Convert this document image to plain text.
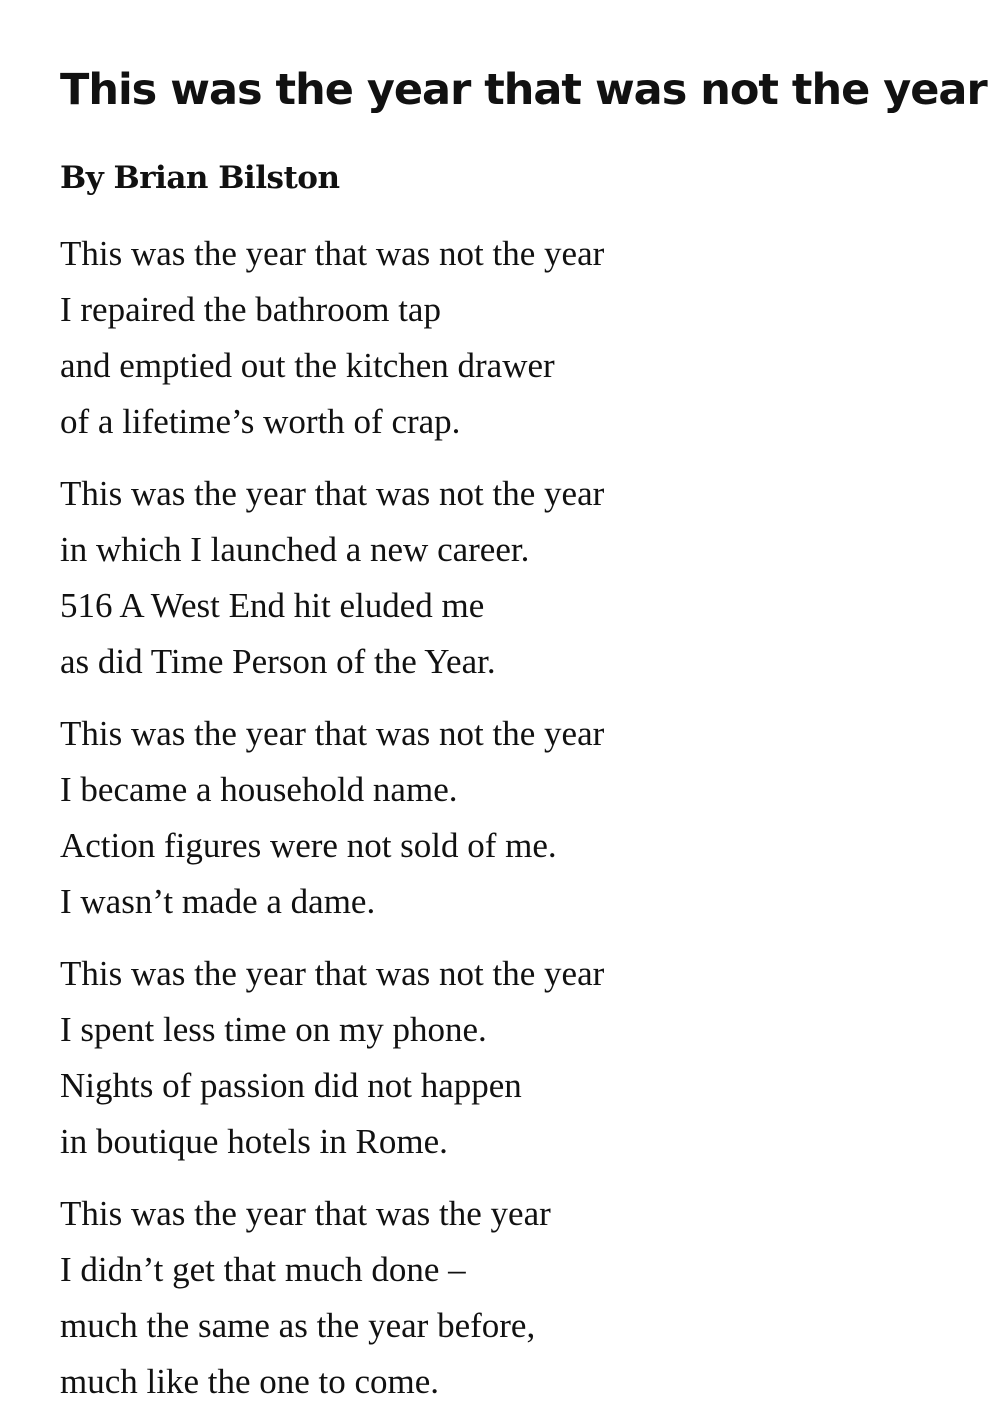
This was the year that was not the year
By Brian Bilston
This was the year that was not the year
I repaired the bathroom tap
and emptied out the kitchen drawer
of a lifetime’s worth of crap.
This was the year that was not the year
in which I launched a new career.
516 A West End hit eluded me
as did Time Person of the Year.
This was the year that was not the year
I became a household name.
Action figures were not sold of me.
I wasn’t made a dame.
This was the year that was not the year
I spent less time on my phone.
Nights of passion did not happen
in boutique hotels in Rome.
This was the year that was the year
I didn’t get that much done –
much the same as the year before,
much like the one to come.
